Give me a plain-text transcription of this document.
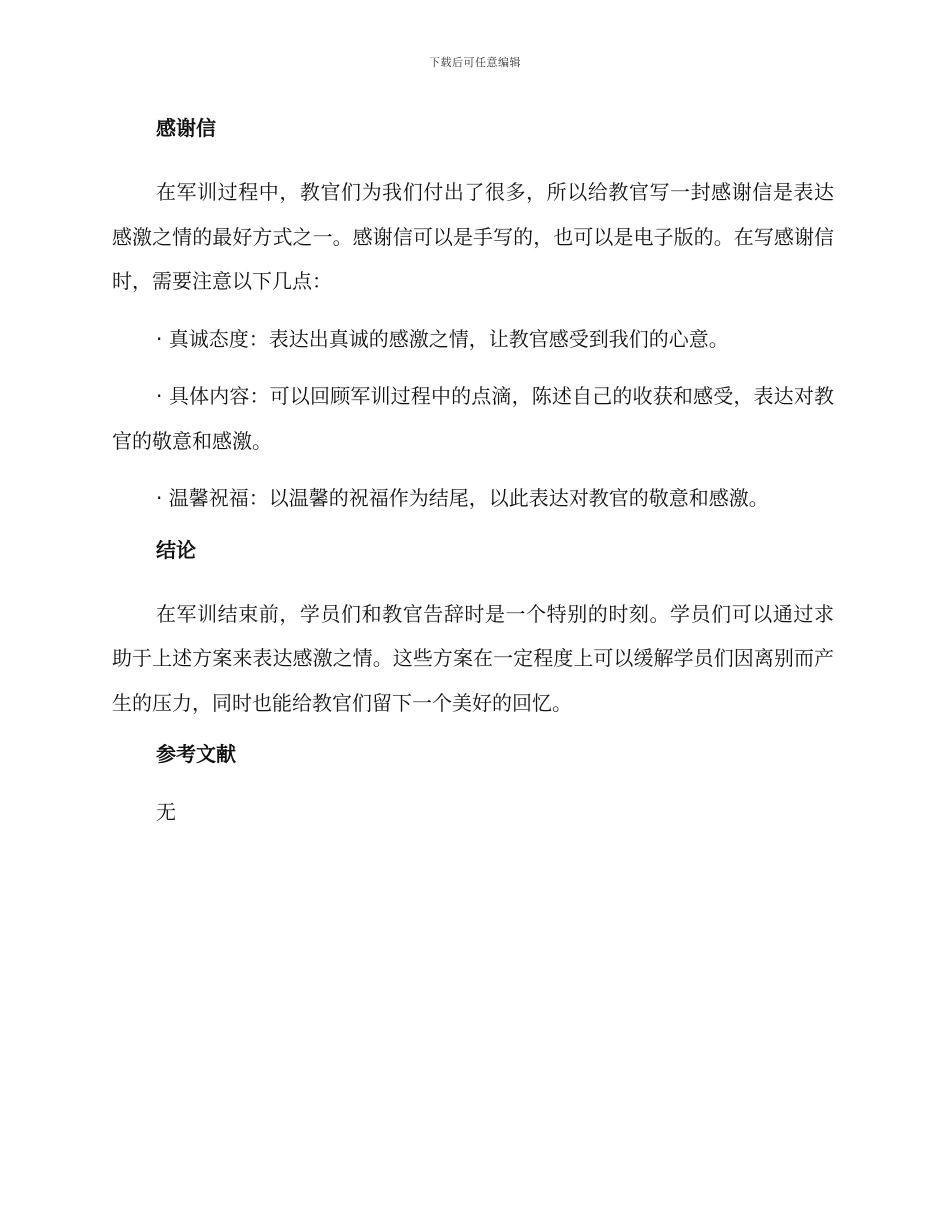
下载后可任意编辑
感谢信

在军训过程中，教官们为我们付出了很多，所以给教官写一封感谢信是表达感激之情的最好方式之一。感谢信可以是手写的，也可以是电子版的。在写感谢信时，需要注意以下几点：

· 真诚态度：表达出真诚的感激之情，让教官感受到我们的心意。

· 具体内容：可以回顾军训过程中的点滴，陈述自己的收获和感受，表达对教官的敬意和感激。

· 温馨祝福：以温馨的祝福作为结尾，以此表达对教官的敬意和感激。

结论

在军训结束前，学员们和教官告辞时是一个特别的时刻。学员们可以通过求助于上述方案来表达感激之情。这些方案在一定程度上可以缓解学员们因离别而产生的压力，同时也能给教官们留下一个美好的回忆。

参考文献

无
